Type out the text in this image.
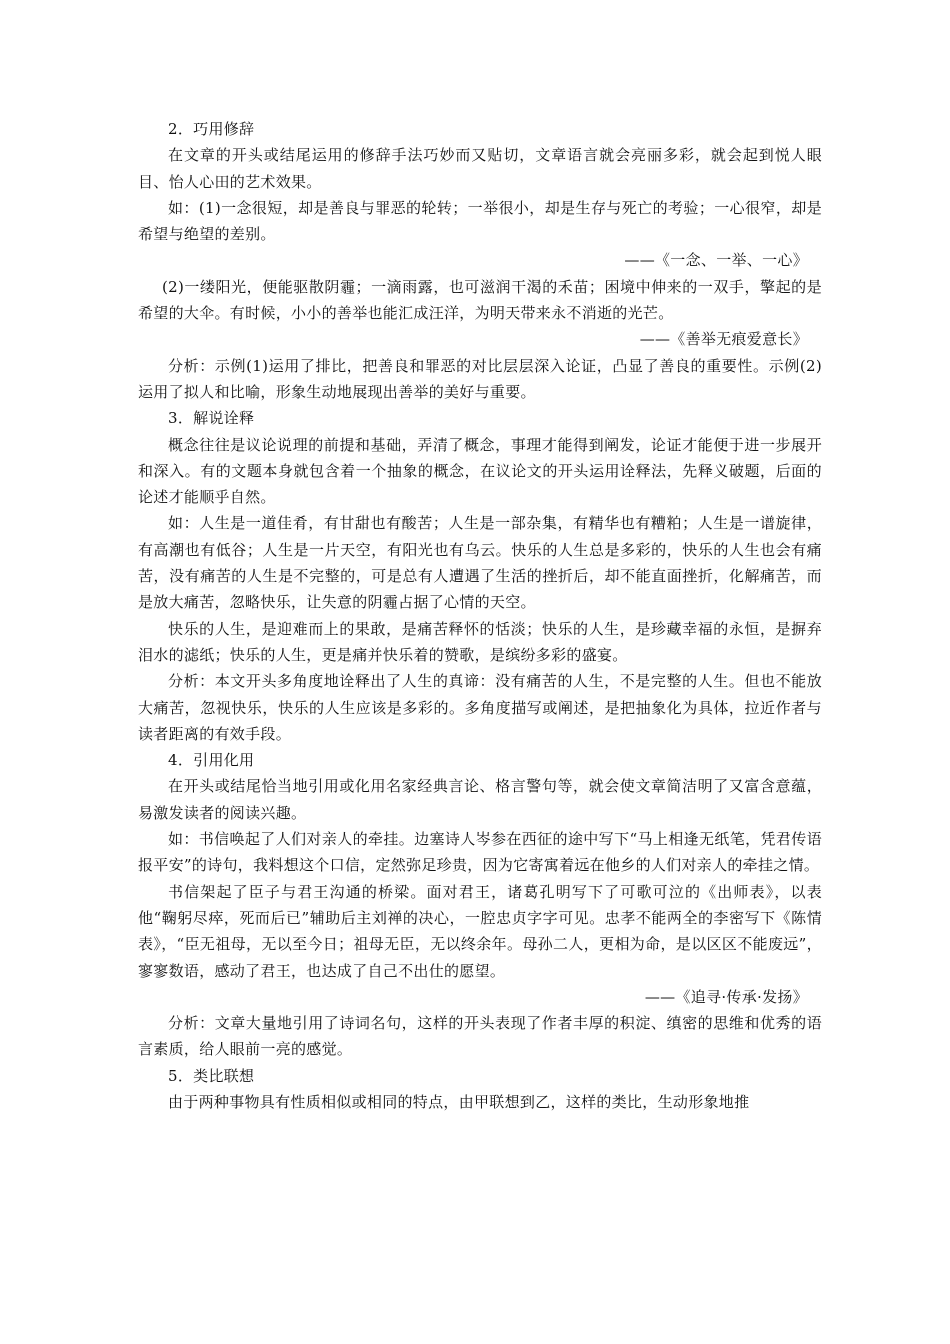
2．巧用修辞

在文章的开头或结尾运用的修辞手法巧妙而又贴切，文章语言就会亮丽多彩，就会起到悦人眼目、怡人心田的艺术效果。

如：(1)一念很短，却是善良与罪恶的轮转；一举很小，却是生存与死亡的考验；一心很窄，却是希望与绝望的差别。

——《一念、一举、一心》

(2)一缕阳光，便能驱散阴霾；一滴雨露，也可滋润干渴的禾苗；困境中伸来的一双手，擎起的是希望的大伞。有时候，小小的善举也能汇成汪洋，为明天带来永不消逝的光芒。

——《善举无痕爱意长》

分析：示例(1)运用了排比，把善良和罪恶的对比层层深入论证，凸显了善良的重要性。示例(2)运用了拟人和比喻，形象生动地展现出善举的美好与重要。

3．解说诠释

概念往往是议论说理的前提和基础，弄清了概念，事理才能得到阐发，论证才能便于进一步展开和深入。有的文题本身就包含着一个抽象的概念，在议论文的开头运用诠释法，先释义破题，后面的论述才能顺乎自然。

如：人生是一道佳肴，有甘甜也有酸苦；人生是一部杂集，有精华也有糟粕；人生是一谱旋律，有高潮也有低谷；人生是一片天空，有阳光也有乌云。快乐的人生总是多彩的，快乐的人生也会有痛苦，没有痛苦的人生是不完整的，可是总有人遭遇了生活的挫折后，却不能直面挫折，化解痛苦，而是放大痛苦，忽略快乐，让失意的阴霾占据了心情的天空。

快乐的人生，是迎难而上的果敢，是痛苦释怀的恬淡；快乐的人生，是珍藏幸福的永恒，是摒弃泪水的滤纸；快乐的人生，更是痛并快乐着的赞歌，是缤纷多彩的盛宴。

分析：本文开头多角度地诠释出了人生的真谛：没有痛苦的人生，不是完整的人生。但也不能放大痛苦，忽视快乐，快乐的人生应该是多彩的。多角度描写或阐述，是把抽象化为具体，拉近作者与读者距离的有效手段。

4．引用化用

在开头或结尾恰当地引用或化用名家经典言论、格言警句等，就会使文章简洁明了又富含意蕴，易激发读者的阅读兴趣。

如：书信唤起了人们对亲人的牵挂。边塞诗人岑参在西征的途中写下“马上相逢无纸笔，凭君传语报平安”的诗句，我料想这个口信，定然弥足珍贵，因为它寄寓着远在他乡的人们对亲人的牵挂之情。

书信架起了臣子与君王沟通的桥梁。面对君王，诸葛孔明写下了可歌可泣的《出师表》，以表他“鞠躬尽瘁，死而后已”辅助后主刘禅的决心，一腔忠贞字字可见。忠孝不能两全的李密写下《陈情表》，“臣无祖母，无以至今日；祖母无臣，无以终余年。母孙二人，更相为命，是以区区不能废远”，寥寥数语，感动了君王，也达成了自己不出仕的愿望。

——《追寻·传承·发扬》

分析：文章大量地引用了诗词名句，这样的开头表现了作者丰厚的积淀、缜密的思维和优秀的语言素质，给人眼前一亮的感觉。

5．类比联想

由于两种事物具有性质相似或相同的特点，由甲联想到乙，这样的类比，生动形象地推
